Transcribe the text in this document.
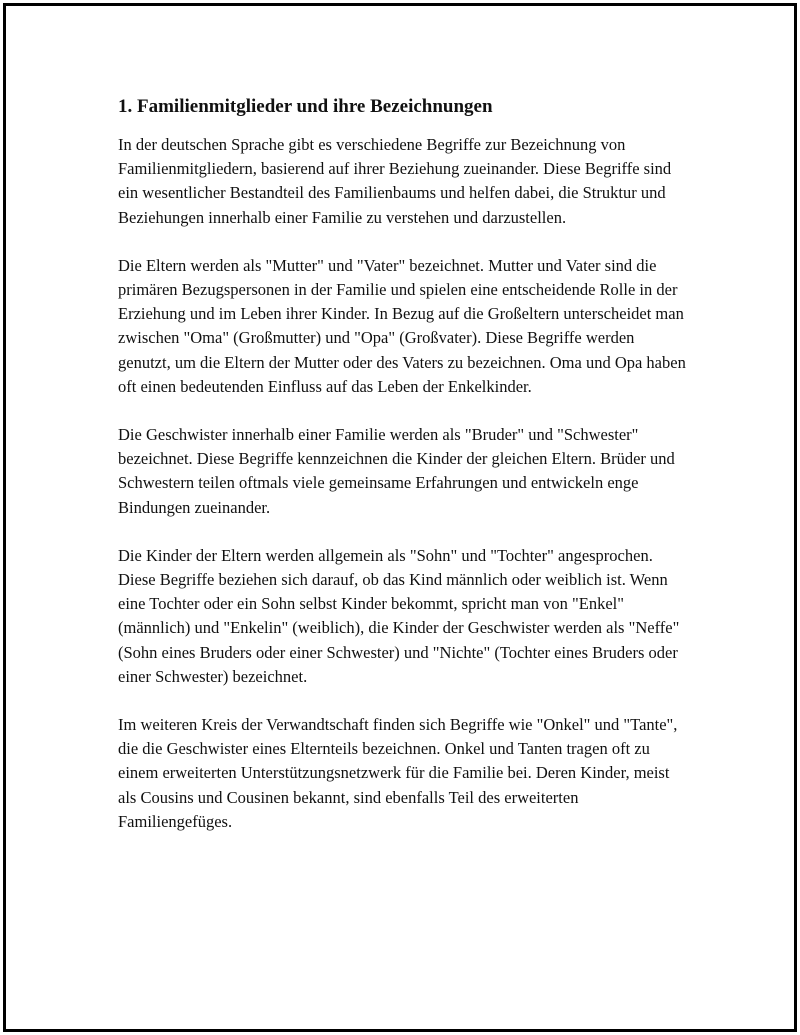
1. Familienmitglieder und ihre Bezeichnungen

In der deutschen Sprache gibt es verschiedene Begriffe zur Bezeichnung von Familienmitgliedern, basierend auf ihrer Beziehung zueinander. Diese Begriffe sind ein wesentlicher Bestandteil des Familienbaums und helfen dabei, die Struktur und Beziehungen innerhalb einer Familie zu verstehen und darzustellen.

Die Eltern werden als "Mutter" und "Vater" bezeichnet. Mutter und Vater sind die primären Bezugspersonen in der Familie und spielen eine entscheidende Rolle in der Erziehung und im Leben ihrer Kinder. In Bezug auf die Großeltern unterscheidet man zwischen "Oma" (Großmutter) und "Opa" (Großvater). Diese Begriffe werden genutzt, um die Eltern der Mutter oder des Vaters zu bezeichnen. Oma und Opa haben oft einen bedeutenden Einfluss auf das Leben der Enkelkinder.

Die Geschwister innerhalb einer Familie werden als "Bruder" und "Schwester" bezeichnet. Diese Begriffe kennzeichnen die Kinder der gleichen Eltern. Brüder und Schwestern teilen oftmals viele gemeinsame Erfahrungen und entwickeln enge Bindungen zueinander.

Die Kinder der Eltern werden allgemein als "Sohn" und "Tochter" angesprochen. Diese Begriffe beziehen sich darauf, ob das Kind männlich oder weiblich ist. Wenn eine Tochter oder ein Sohn selbst Kinder bekommt, spricht man von "Enkel" (männlich) und "Enkelin" (weiblich), die Kinder der Geschwister werden als "Neffe" (Sohn eines Bruders oder einer Schwester) und "Nichte" (Tochter eines Bruders oder einer Schwester) bezeichnet.

Im weiteren Kreis der Verwandtschaft finden sich Begriffe wie "Onkel" und "Tante", die die Geschwister eines Elternteils bezeichnen. Onkel und Tanten tragen oft zu einem erweiterten Unterstützungsnetzwerk für die Familie bei. Deren Kinder, meist als Cousins und Cousinen bekannt, sind ebenfalls Teil des erweiterten Familiengefüges.
